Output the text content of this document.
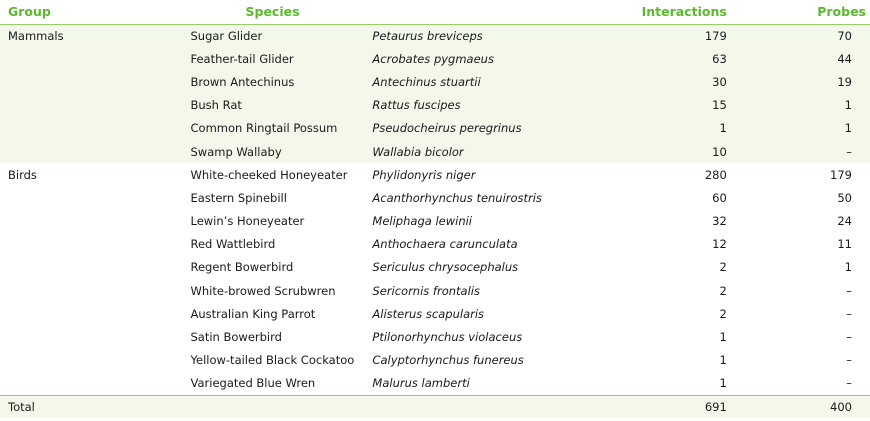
Group	Species		Interactions	Probes
Mammals	Sugar Glider	Petaurus breviceps	179	70
	Feather-tail Glider	Acrobates pygmaeus	63	44
	Brown Antechinus	Antechinus stuartii	30	19
	Bush Rat	Rattus fuscipes	15	1
	Common Ringtail Possum	Pseudocheirus peregrinus	1	1
	Swamp Wallaby	Wallabia bicolor	10	–
Birds	White-cheeked Honeyeater	Phylidonyris niger	280	179
	Eastern Spinebill	Acanthorhynchus tenuirostris	60	50
	Lewin’s Honeyeater	Meliphaga lewinii	32	24
	Red Wattlebird	Anthochaera carunculata	12	11
	Regent Bowerbird	Sericulus chrysocephalus	2	1
	White-browed Scrubwren	Sericornis frontalis	2	–
	Australian King Parrot	Alisterus scapularis	2	–
	Satin Bowerbird	Ptilonorhynchus violaceus	1	–
	Yellow-tailed Black Cockatoo	Calyptorhynchus funereus	1	–
	Variegated Blue Wren	Malurus lamberti	1	–
Total			691	400
